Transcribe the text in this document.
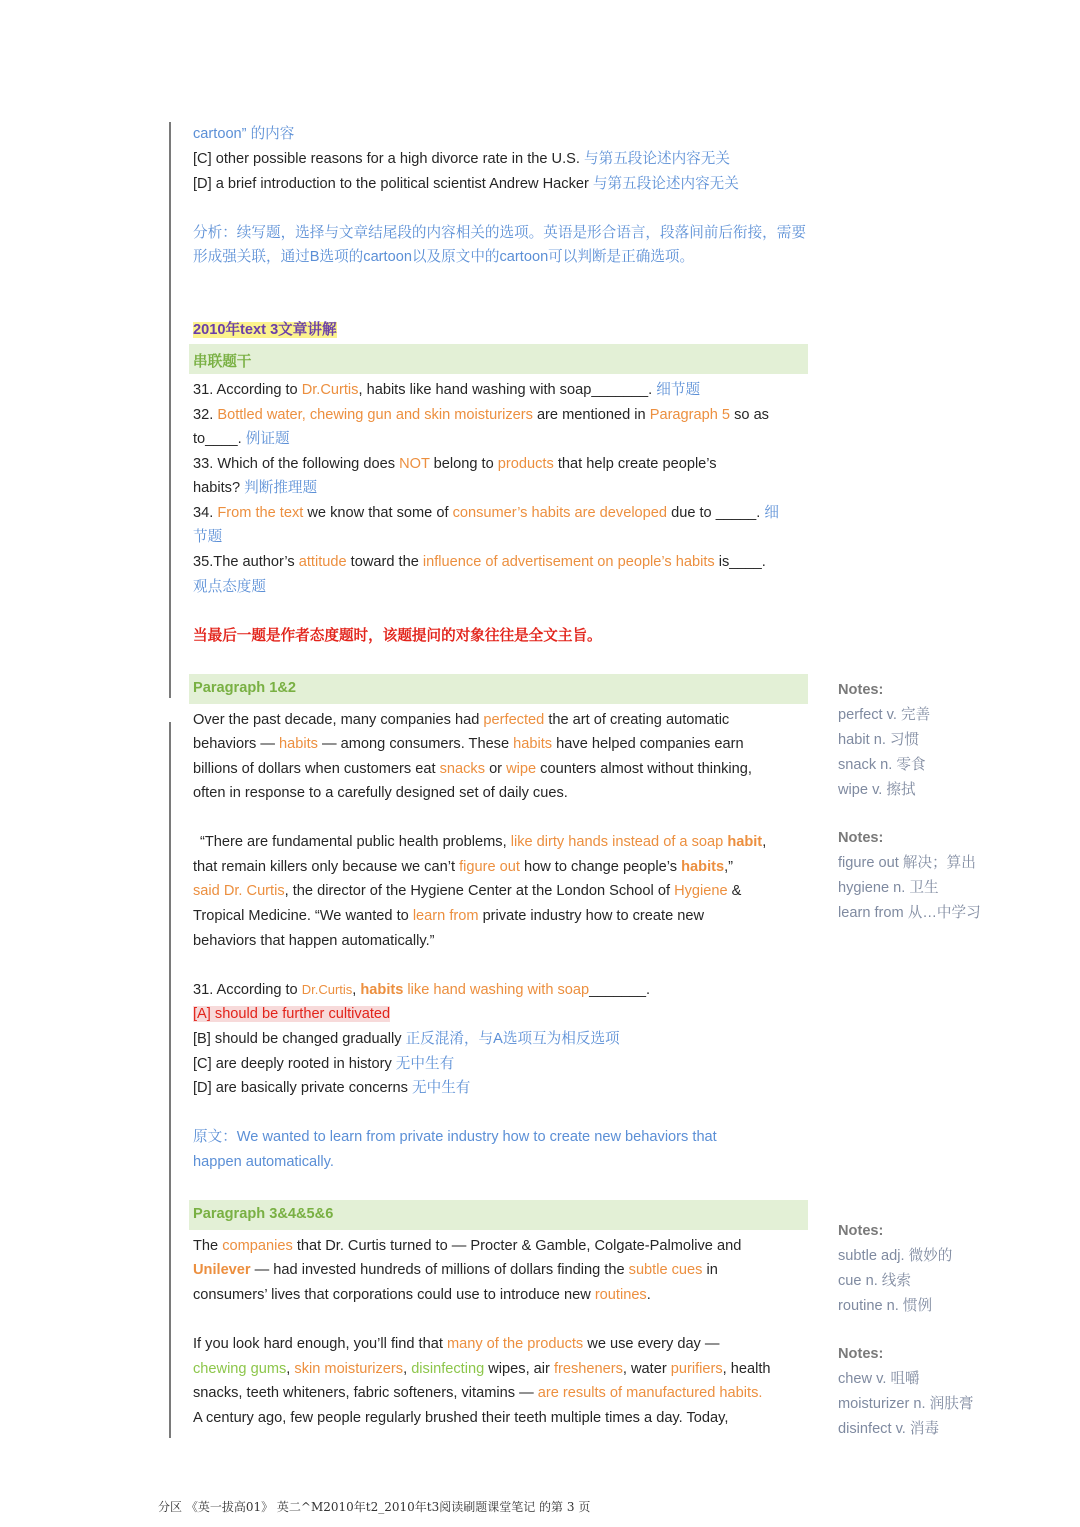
cartoon” 的内容
[C] other possible reasons for a high divorce rate in the U.S. 与第五段论述内容无关
[D] a brief introduction to the political scientist Andrew Hacker 与第五段论述内容无关
分析：续写题，选择与文章结尾段的内容相关的选项。英语是形合语言，段落间前后衔接，需要
形成强关联，通过B选项的cartoon以及原文中的cartoon可以判断是正确选项。
2010年text 3文章讲解
串联题干
31. According to Dr.Curtis, habits like hand washing with soap_______. 细节题
32. Bottled water, chewing gun and skin moisturizers are mentioned in Paragraph 5 so as
to____. 例证题
33. Which of the following does NOT belong to products that help create people’s
habits? 判断推理题
34. From the text we know that some of consumer’s habits are developed due to _____. 细
节题
35.The author’s attitude toward the influence of advertisement on people’s habits is____.
观点态度题
当最后一题是作者态度题时，该题提问的对象往往是全文主旨。
Paragraph 1&2
Over the past decade, many companies had perfected the art of creating automatic
behaviors — habits — among consumers. These habits have helped companies earn
billions of dollars when customers eat snacks or wipe counters almost without thinking,
often in response to a carefully designed set of daily cues.
“There are fundamental public health problems, like dirty hands instead of a soap habit,
that remain killers only because we can’t figure out how to change people’s habits,”
said Dr. Curtis, the director of the Hygiene Center at the London School of Hygiene &
Tropical Medicine. “We wanted to learn from private industry how to create new
behaviors that happen automatically.”
31. According to Dr.Curtis, habits like hand washing with soap_______.
[A] should be further cultivated
[B] should be changed gradually 正反混淆，与A选项互为相反选项
[C] are deeply rooted in history 无中生有
[D] are basically private concerns 无中生有
原文：We wanted to learn from private industry how to create new behaviors that
happen automatically.
Paragraph 3&4&5&6
The companies that Dr. Curtis turned to — Procter & Gamble, Colgate-Palmolive and
Unilever — had invested hundreds of millions of dollars finding the subtle cues in
consumers’ lives that corporations could use to introduce new routines.
If you look hard enough, you’ll find that many of the products we use every day —
chewing gums, skin moisturizers, disinfecting wipes, air fresheners, water purifiers, health
snacks, teeth whiteners, fabric softeners, vitamins — are results of manufactured habits.
A century ago, few people regularly brushed their teeth multiple times a day. Today,
Notes:
perfect v. 完善
habit n. 习惯
snack n. 零食
wipe v. 擦拭
Notes:
figure out 解决；算出
hygiene n. 卫生
learn from 从…中学习
Notes:
subtle adj. 微妙的
cue n. 线索
routine n. 惯例
Notes:
chew v. 咀嚼
moisturizer n. 润肤膏
disinfect v. 消毒
分区 《英一拔高01》 英二^M2010年t2_2010年t3阅读刷题课堂笔记 的第 3 页
